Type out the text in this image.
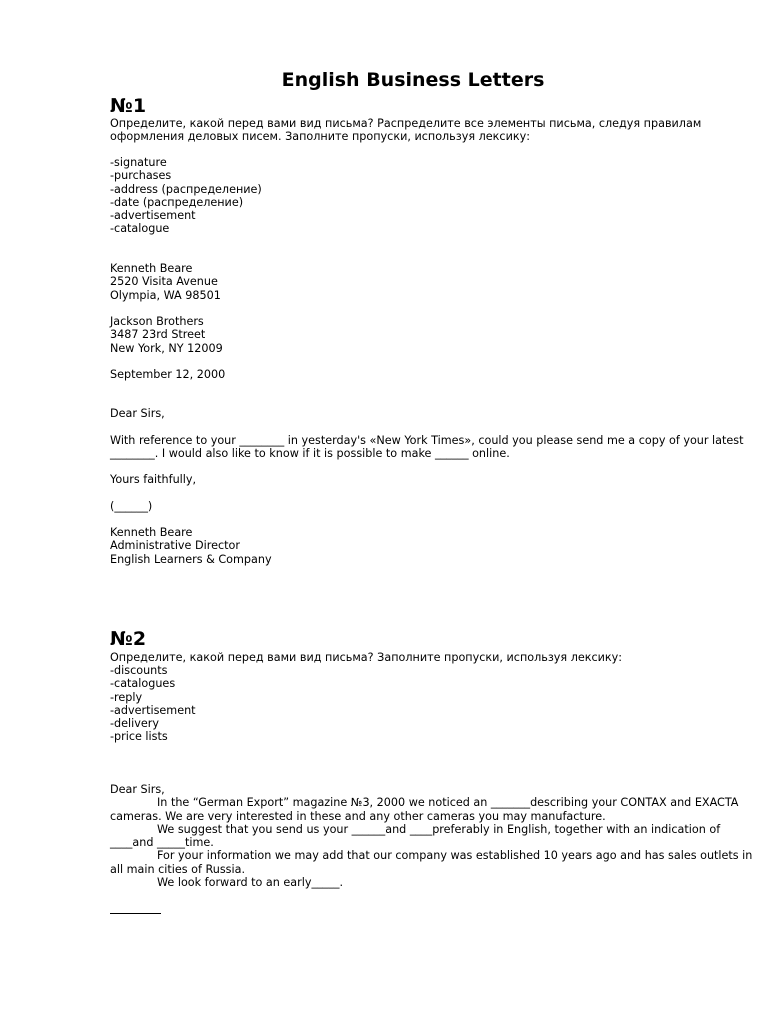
English Business Letters
№1
Определите, какой перед вами вид письма? Распределите все элементы письма, следуя правилам оформления деловых писем. Заполните пропуски, используя лексику:
-signature
-purchases
-address (распределение)
-date (распределение)
-advertisement
-catalogue
Kenneth Beare
2520 Visita Avenue
Olympia, WA 98501
Jackson Brothers
3487 23rd Street
New York, NY 12009
September 12, 2000
Dear Sirs,
With reference to your ________ in yesterday's «New York Times», could you please send me a copy of your latest
________. I would also like to know if it is possible to make ______ online.
Yours faithfully,
(______)
Kenneth Beare
Administrative Director
English Learners & Company
№2
Определите, какой перед вами вид письма? Заполните пропуски, используя лексику:
-discounts
-catalogues
-reply
-advertisement
-delivery
-price lists
Dear Sirs,
In the “German Export” magazine №3, 2000 we noticed an _______describing your CONTAX and EXACTA
cameras. We are very interested in these and any other cameras you may manufacture.
We suggest that you send us your ______and ____preferably in English, together with an indication of
____and _____time.
For your information we may add that our company was established 10 years ago and has sales outlets in
all main cities of Russia.
We look forward to an early_____.
